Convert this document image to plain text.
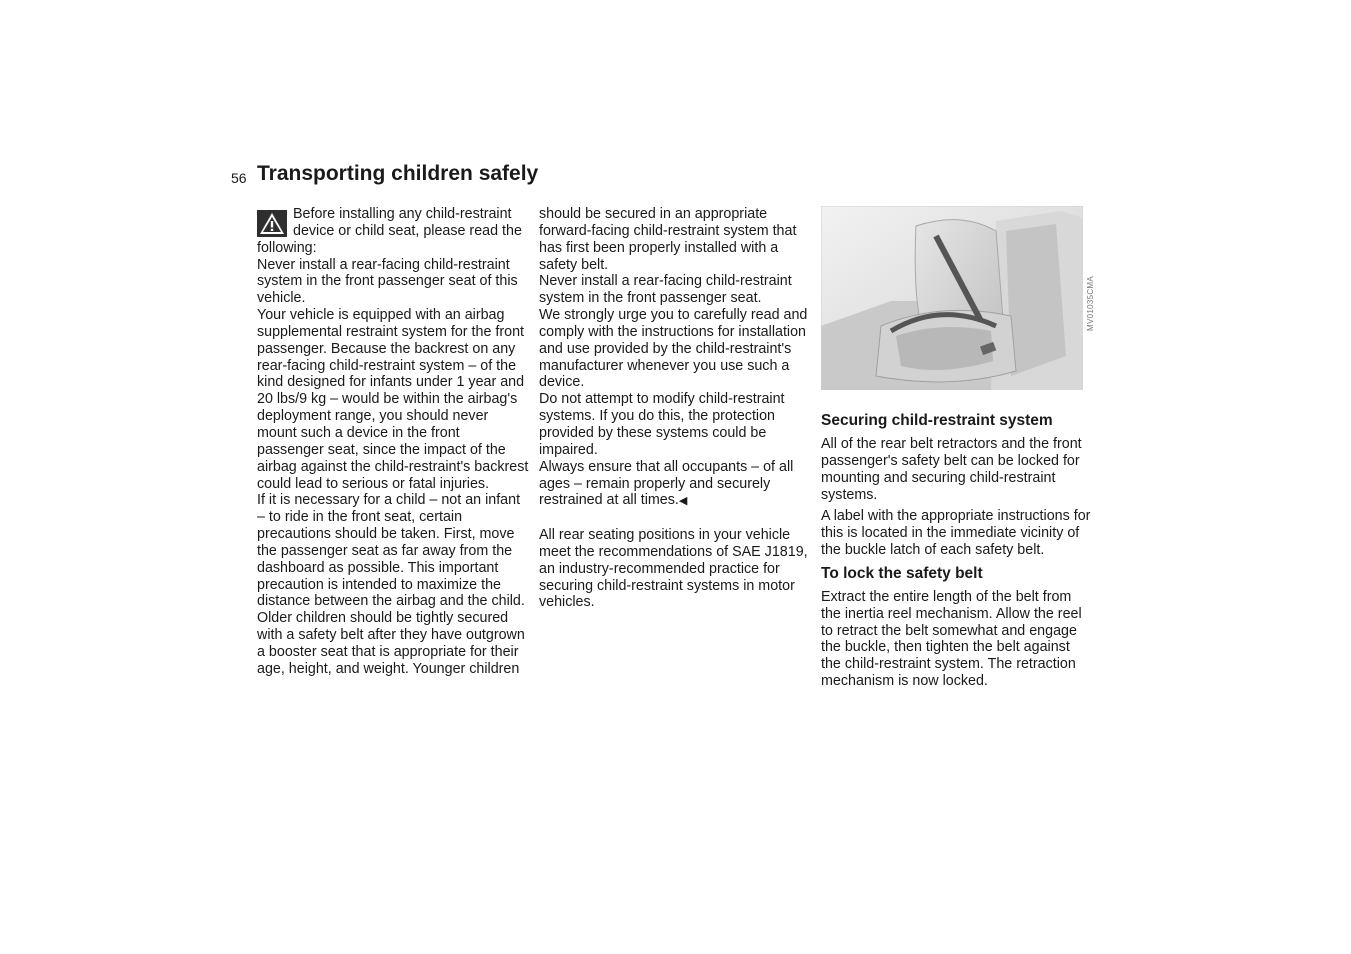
56 Transporting children safely

Before installing any child-restraint device or child seat, please read the following:

Never install a rear-facing child-restraint system in the front passenger seat of this vehicle.

Your vehicle is equipped with an airbag supplemental restraint system for the front passenger. Because the backrest on any rear-facing child-restraint system – of the kind designed for infants under 1 year and 20 lbs/9 kg – would be within the airbag's deployment range, you should never mount such a device in the front passenger seat, since the impact of the airbag against the child-restraint's backrest could lead to serious or fatal injuries.

If it is necessary for a child – not an infant – to ride in the front seat, certain precautions should be taken. First, move the passenger seat as far away from the dashboard as possible. This important precaution is intended to maximize the distance between the airbag and the child. Older children should be tightly secured with a safety belt after they have outgrown a booster seat that is appropriate for their age, height, and weight. Younger children

should be secured in an appropriate forward-facing child-restraint system that has first been properly installed with a safety belt.

Never install a rear-facing child-restraint system in the front passenger seat.

We strongly urge you to carefully read and comply with the instructions for installation and use provided by the child-restraint's manufacturer whenever you use such a device.

Do not attempt to modify child-restraint systems. If you do this, the protection provided by these systems could be impaired.

Always ensure that all occupants – of all ages – remain properly and securely restrained at all times.◀

All rear seating positions in your vehicle meet the recommendations of SAE J1819, an industry-recommended practice for securing child-restraint systems in motor vehicles.

MV01035CMA
Securing child-restraint system

All of the rear belt retractors and the front passenger's safety belt can be locked for mounting and securing child-restraint systems.

A label with the appropriate instructions for this is located in the immediate vicinity of the buckle latch of each safety belt.

To lock the safety belt

Extract the entire length of the belt from the inertia reel mechanism. Allow the reel to retract the belt somewhat and engage the buckle, then tighten the belt against the child-restraint system. The retraction mechanism is now locked.
